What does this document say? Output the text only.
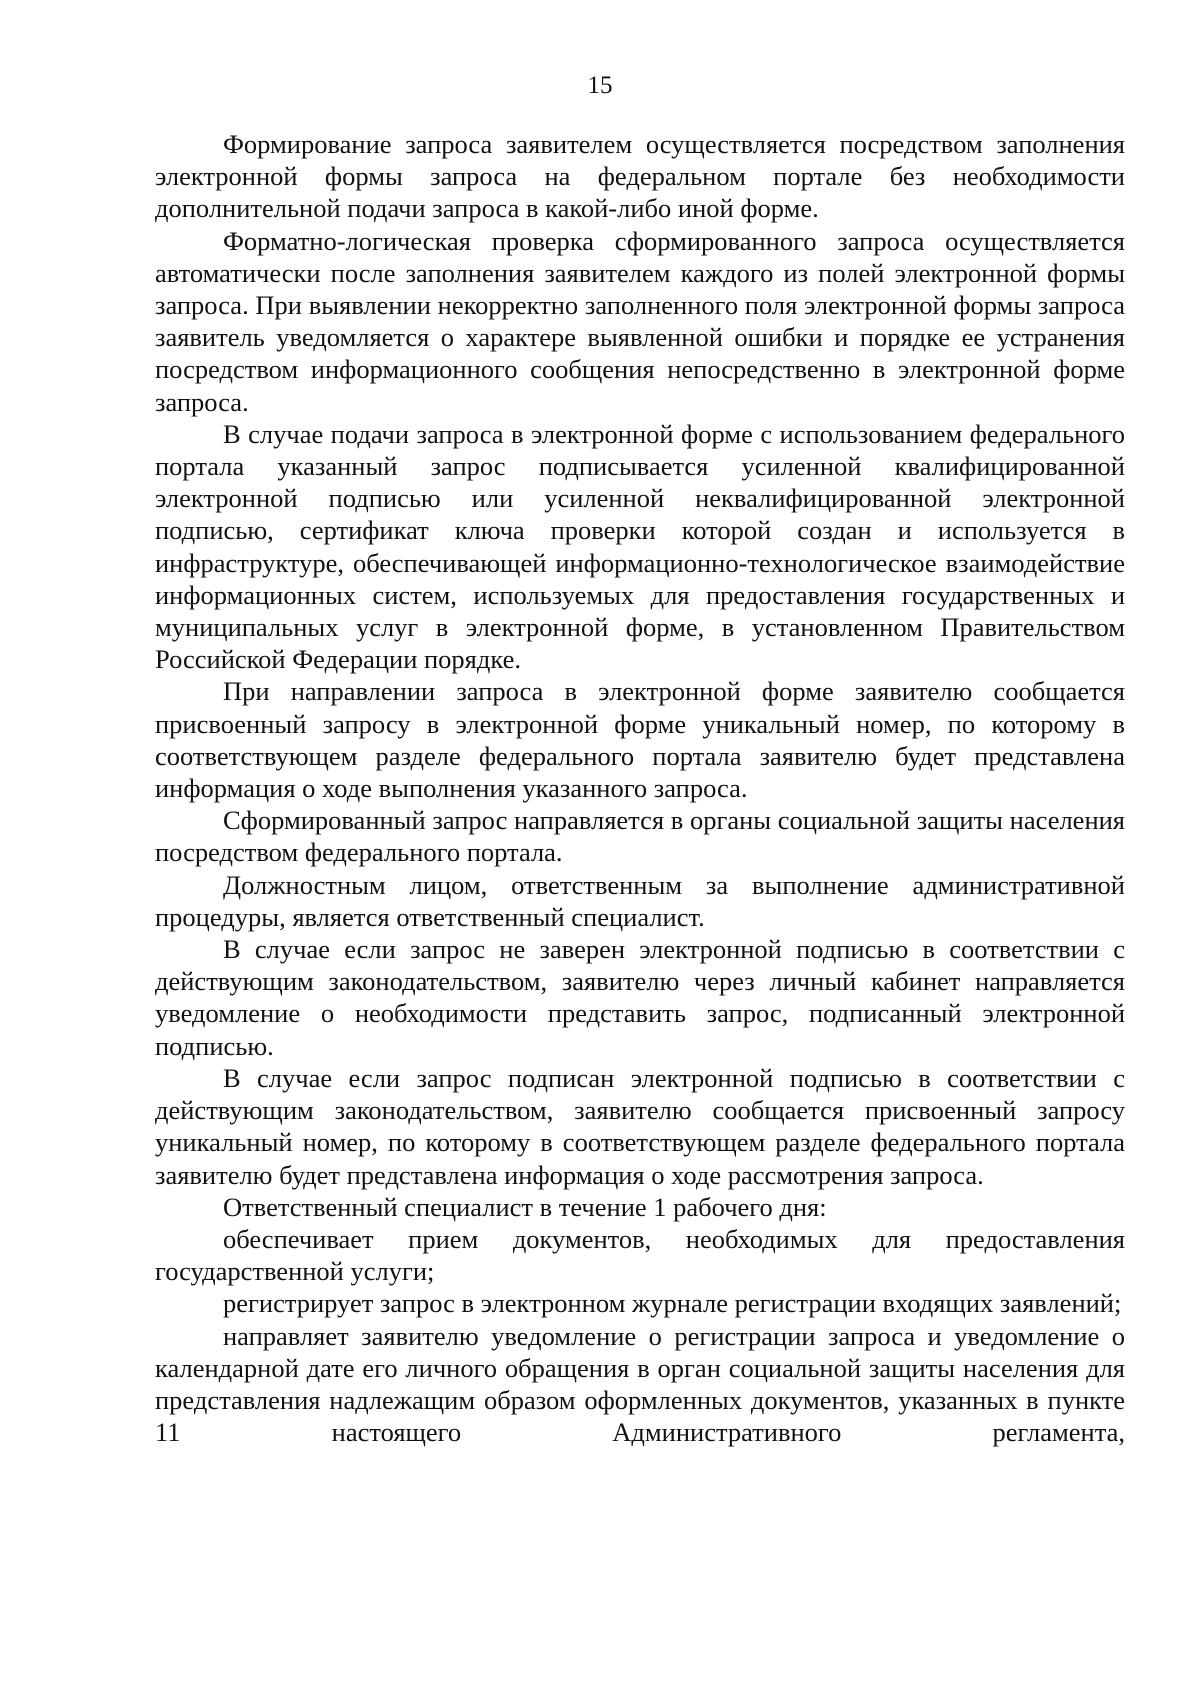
15

Формирование запроса заявителем осуществляется посредством заполнения электронной формы запроса на федеральном портале без необходимости дополнительной подачи запроса в какой-либо иной форме.

Форматно-логическая проверка сформированного запроса осуществляется автоматически после заполнения заявителем каждого из полей электронной формы запроса. При выявлении некорректно заполненного поля электронной формы запроса заявитель уведомляется о характере выявленной ошибки и порядке ее устранения посредством информационного сообщения непосредственно в электронной форме запроса.

В случае подачи запроса в электронной форме с использованием федерального портала указанный запрос подписывается усиленной квалифицированной электронной подписью или усиленной неквалифицированной электронной подписью, сертификат ключа проверки которой создан и используется в инфраструктуре, обеспечивающей информационно-технологическое взаимодействие информационных систем, используемых для предоставления государственных и муниципальных услуг в электронной форме, в установленном Правительством Российской Федерации порядке.

При направлении запроса в электронной форме заявителю сообщается присвоенный запросу в электронной форме уникальный номер, по которому в соответствующем разделе федерального портала заявителю будет представлена информация о ходе выполнения указанного запроса.

Сформированный запрос направляется в органы социальной защиты населения посредством федерального портала.

Должностным лицом, ответственным за выполнение административной процедуры, является ответственный специалист.

В случае если запрос не заверен электронной подписью в соответствии с действующим законодательством, заявителю через личный кабинет направляется уведомление о необходимости представить запрос, подписанный электронной подписью.

В случае если запрос подписан электронной подписью в соответствии с действующим законодательством, заявителю сообщается присвоенный запросу уникальный номер, по которому в соответствующем разделе федерального портала заявителю будет представлена информация о ходе рассмотрения запроса.

Ответственный специалист в течение 1 рабочего дня:

обеспечивает прием документов, необходимых для предоставления государственной услуги;

регистрирует запрос в электронном журнале регистрации входящих заявлений;

направляет заявителю уведомление о регистрации запроса и уведомление о календарной дате его личного обращения в орган социальной защиты населения для представления надлежащим образом оформленных документов, указанных в пункте 11 настоящего Административного регламента,
